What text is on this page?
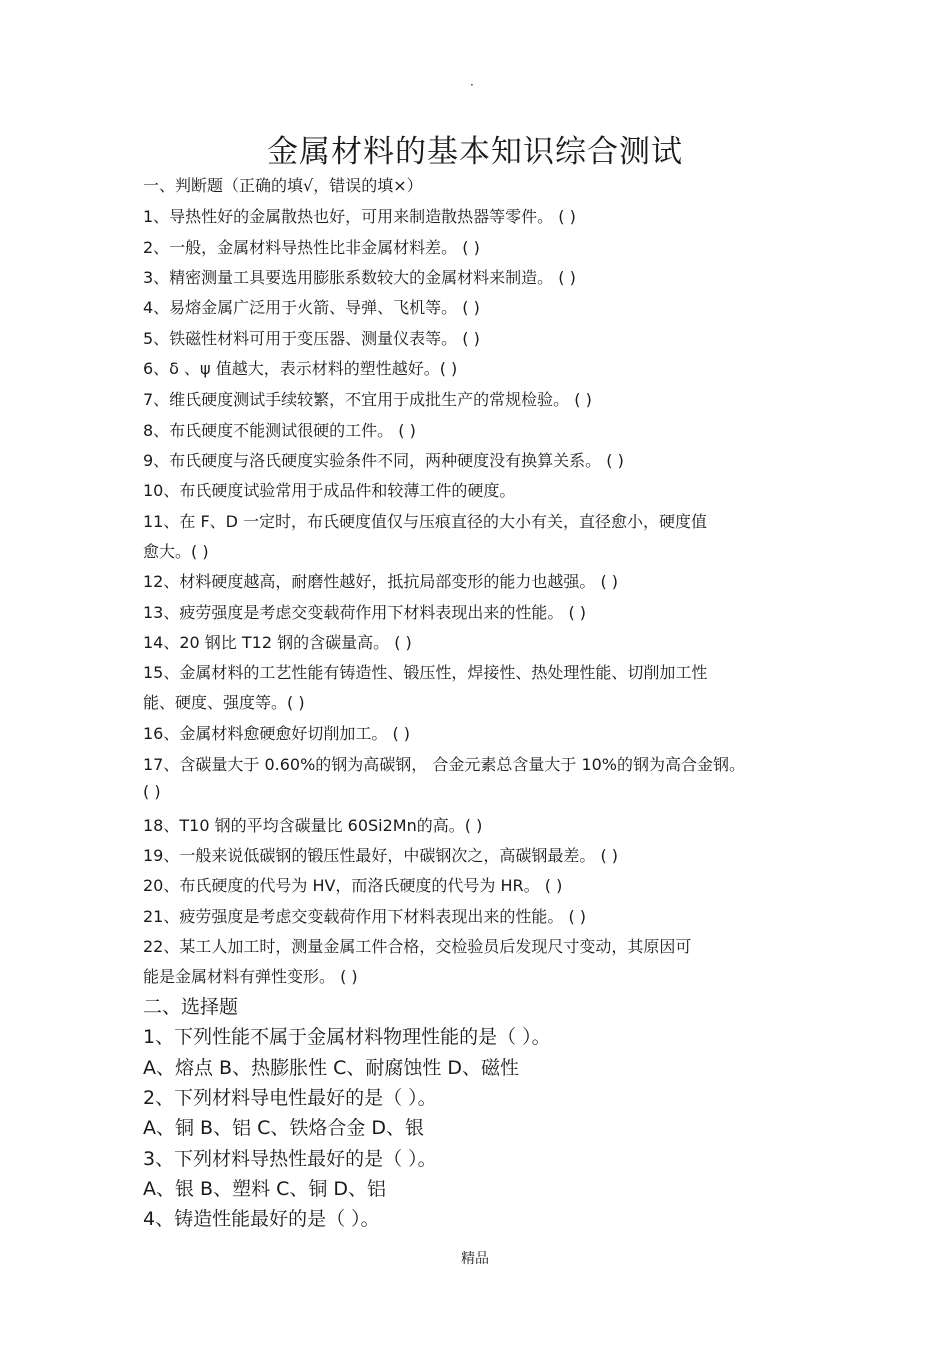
·
金属材料的基本知识综合测试
一、判断题（正确的填√，错误的填×）
1、导热性好的金属散热也好，可用来制造散热器等零件。 ( )
2、一般，金属材料导热性比非金属材料差。 ( )
3、精密测量工具要选用膨胀系数较大的金属材料来制造。 ( )
4、易熔金属广泛用于火箭、导弹、飞机等。 ( )
5、铁磁性材料可用于变压器、测量仪表等。 ( )
6、δ 、ψ 值越大，表示材料的塑性越好。( )
7、维氏硬度测试手续较繁，不宜用于成批生产的常规检验。 ( )
8、布氏硬度不能测试很硬的工件。 ( )
9、布氏硬度与洛氏硬度实验条件不同，两种硬度没有换算关系。 ( )
10、布氏硬度试验常用于成品件和较薄工件的硬度。
11、在 F、D 一定时，布氏硬度值仅与压痕直径的大小有关，直径愈小，硬度值
愈大。( )
12、材料硬度越高，耐磨性越好，抵抗局部变形的能力也越强。 ( )
13、疲劳强度是考虑交变载荷作用下材料表现出来的性能。 ( )
14、20 钢比 T12 钢的含碳量高。 ( )
15、金属材料的工艺性能有铸造性、锻压性，焊接性、热处理性能、切削加工性
能、硬度、强度等。( )
16、金属材料愈硬愈好切削加工。 ( )
17、含碳量大于 0.60%的钢为高碳钢， 合金元素总含量大于 10%的钢为高合金钢。
( )
18、T10 钢的平均含碳量比 60Si2Mn的高。( )
19、一般来说低碳钢的锻压性最好，中碳钢次之，高碳钢最差。 ( )
20、布氏硬度的代号为 HV，而洛氏硬度的代号为 HR。 ( )
21、疲劳强度是考虑交变载荷作用下材料表现出来的性能。 ( )
22、某工人加工时，测量金属工件合格，交检验员后发现尺寸变动，其原因可
能是金属材料有弹性变形。 ( )
二、选择题
1、下列性能不属于金属材料物理性能的是（ ）。
A、熔点 B、热膨胀性 C、耐腐蚀性 D、磁性
2、下列材料导电性最好的是（ ）。
A、铜 B、铝 C、铁烙合金 D、银
3、下列材料导热性最好的是（ ）。
A、银 B、塑料 C、铜 D、铝
4、铸造性能最好的是（ ）。
精品
